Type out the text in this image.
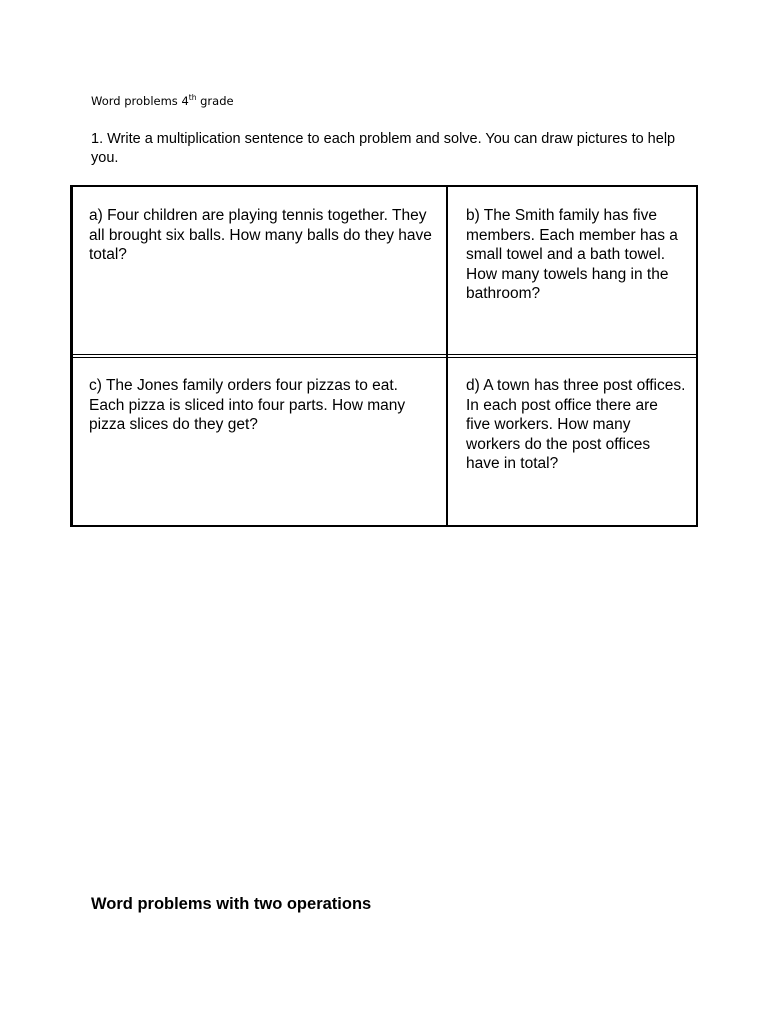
Word problems 4th grade
1. Write a multiplication sentence to each problem and solve. You can draw pictures to help you.
a) Four children are playing tennis together. They all brought six balls. How many balls do they have total?
b) The Smith family has five members. Each member has a small towel and a bath towel. How many towels hang in the bathroom?
c) The Jones family orders four pizzas to eat. Each pizza is sliced into four parts. How many pizza slices do they get?
d) A town has three post offices. In each post office there are five workers. How many workers do the post offices have in total?
Word problems with two operations
